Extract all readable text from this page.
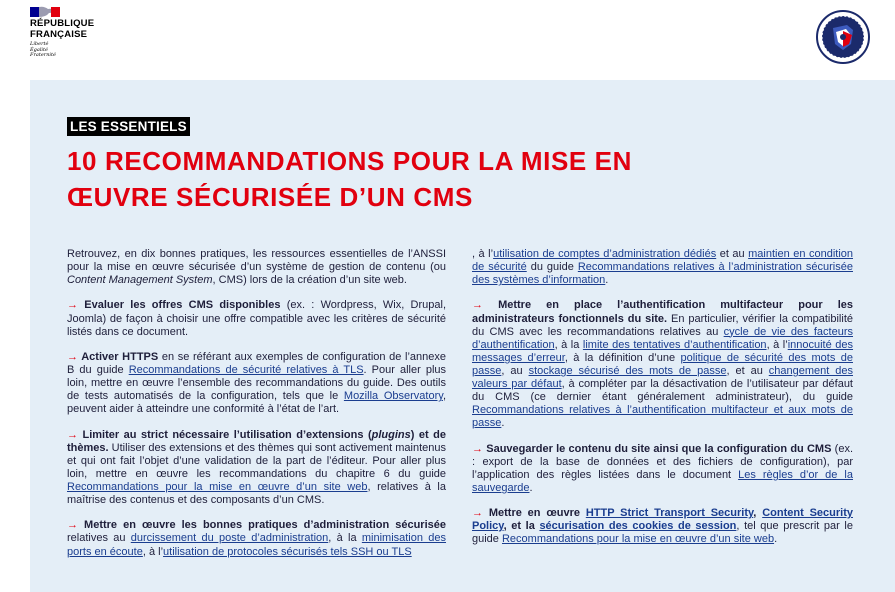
RÉPUBLIQUE
FRANÇAISE
Liberté
Égalité
Fraternité
LES ESSENTIELS
10 RECOMMANDATIONS POUR LA MISE EN
ŒUVRE SÉCURISÉE D’UN CMS

Retrouvez, en dix bonnes pratiques, les ressources essentielles de l’ANSSI pour la mise en œuvre sécurisée d’un système de gestion de contenu (ou Content Management System, CMS) lors de la création d’un site web.

→ Evaluer les offres CMS disponibles (ex. : Wordpress, Wix, Drupal, Joomla) de façon à choisir une offre compatible avec les critères de sécurité listés dans ce document.

→ Activer HTTPS en se référant aux exemples de configuration de l’annexe B du guide Recommandations de sécurité relatives à TLS. Pour aller plus loin, mettre en œuvre l’ensemble des recommandations du guide. Des outils de tests automatisés de la configuration, tels que le Mozilla Observatory, peuvent aider à atteindre une conformité à l’état de l’art.

→ Limiter au strict nécessaire l’utilisation d’extensions (plugins) et de thèmes. Utiliser des extensions et des thèmes qui sont activement maintenus et qui ont fait l’objet d’une validation de la part de l’éditeur. Pour aller plus loin, mettre en œuvre les recommandations du chapitre 6 du guide Recommandations pour la mise en œuvre d’un site web, relatives à la maîtrise des contenus et des composants d’un CMS.

→ Mettre en œuvre les bonnes pratiques d’administration sécurisée relatives au durcissement du poste d’administration, à la minimisation des ports en écoute, à l’utilisation de protocoles sécurisés tels SSH ou TLS

, à l’utilisation de comptes d’administration dédiés et au maintien en condition de sécurité du guide Recommandations relatives à l’administration sécurisée des systèmes d’information.

→ Mettre en place l’authentification multifacteur pour les administrateurs fonctionnels du site. En particulier, vérifier la compatibilité du CMS avec les recommandations relatives au cycle de vie des facteurs d’authentification, à la limite des tentatives d’authentification, à l’innocuité des messages d’erreur, à la définition d’une politique de sécurité des mots de passe, au stockage sécurisé des mots de passe, et au changement des valeurs par défaut, à compléter par la désactivation de l’utilisateur par défaut du CMS (ce dernier étant généralement administrateur), du guide Recommandations relatives à l’authentification multifacteur et aux mots de passe.

→ Sauvegarder le contenu du site ainsi que la configuration du CMS (ex. : export de la base de données et des fichiers de configuration), par l’application des règles listées dans le document Les règles d’or de la sauvegarde.

→ Mettre en œuvre HTTP Strict Transport Security, Content Security Policy, et la sécurisation des cookies de session, tel que prescrit par le guide Recommandations pour la mise en œuvre d’un site web.
